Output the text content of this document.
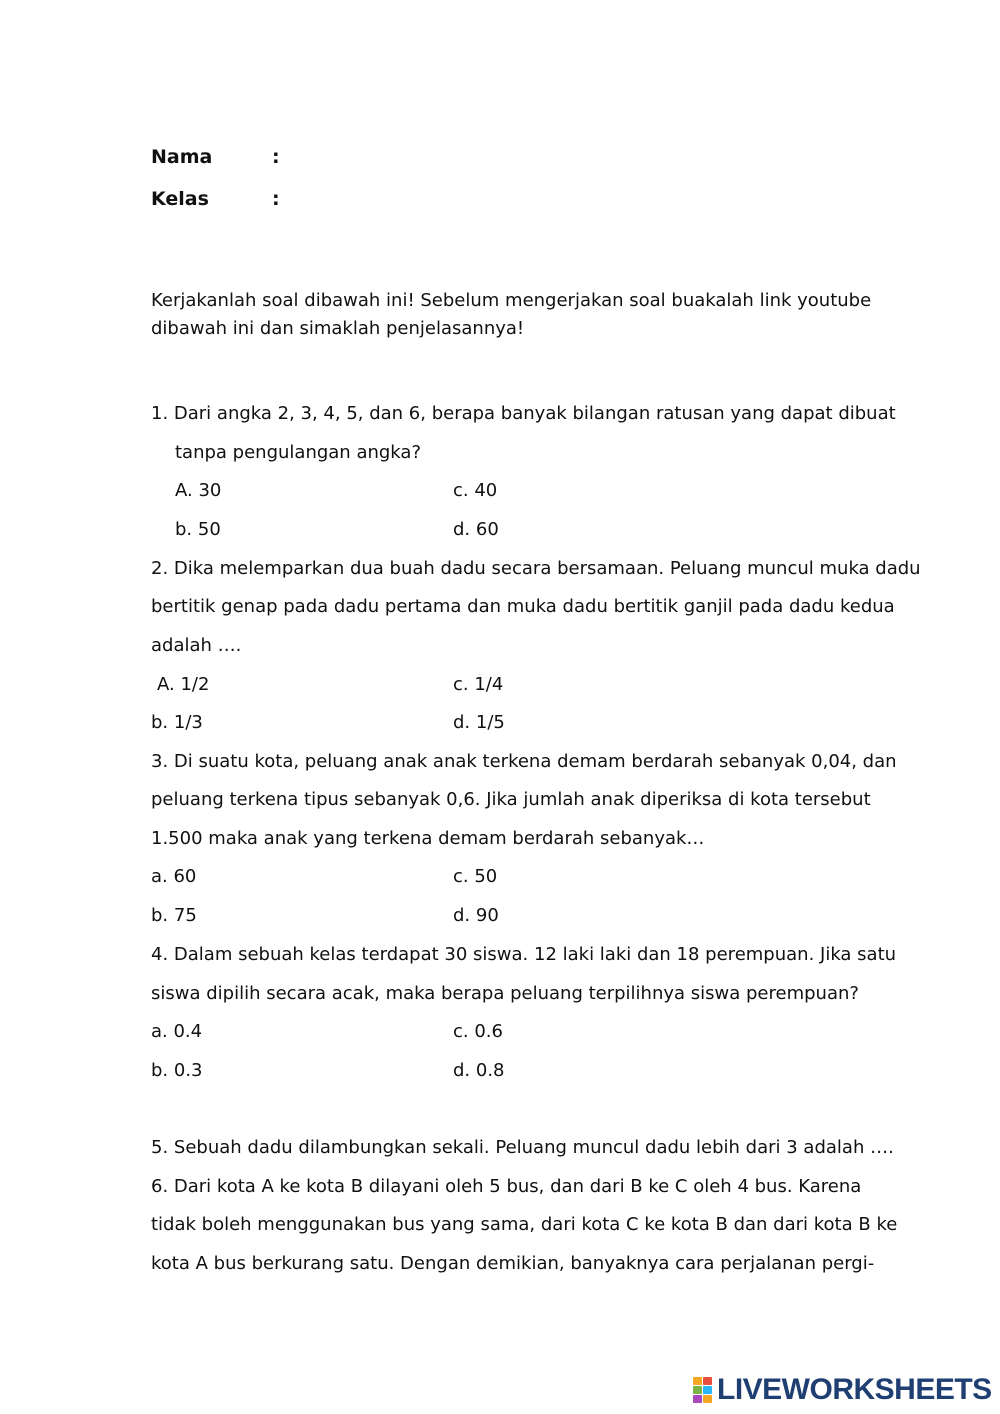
Nama	:
Kelas	:
Kerjakanlah soal dibawah ini! Sebelum mengerjakan soal buakalah link youtube
dibawah ini dan simaklah penjelasannya!
1. Dari angka 2, 3, 4, 5, dan 6, berapa banyak bilangan ratusan yang dapat dibuat
tanpa pengulangan angka?
A. 30	c. 40
b. 50	d. 60
2. Dika melemparkan dua buah dadu secara bersamaan. Peluang muncul muka dadu
bertitik genap pada dadu pertama dan muka dadu bertitik ganjil pada dadu kedua
adalah ….
A. 1/2	c. 1/4
b. 1/3	d. 1/5
3. Di suatu kota, peluang anak anak terkena demam berdarah sebanyak 0,04, dan
peluang terkena tipus sebanyak 0,6. Jika jumlah anak diperiksa di kota tersebut
1.500 maka anak yang terkena demam berdarah sebanyak…
a. 60	c. 50
b. 75	d. 90
4. Dalam sebuah kelas terdapat 30 siswa. 12 laki laki dan 18 perempuan. Jika satu
siswa dipilih secara acak, maka berapa peluang terpilihnya siswa perempuan?
a. 0.4	c. 0.6
b. 0.3	d. 0.8
5. Sebuah dadu dilambungkan sekali. Peluang muncul dadu lebih dari 3 adalah ….
6. Dari kota A ke kota B dilayani oleh 5 bus, dan dari B ke C oleh 4 bus. Karena
tidak boleh menggunakan bus yang sama, dari kota C ke kota B dan dari kota B ke
kota A bus berkurang satu. Dengan demikian, banyaknya cara perjalanan pergi-
LIVEWORKSHEETS
